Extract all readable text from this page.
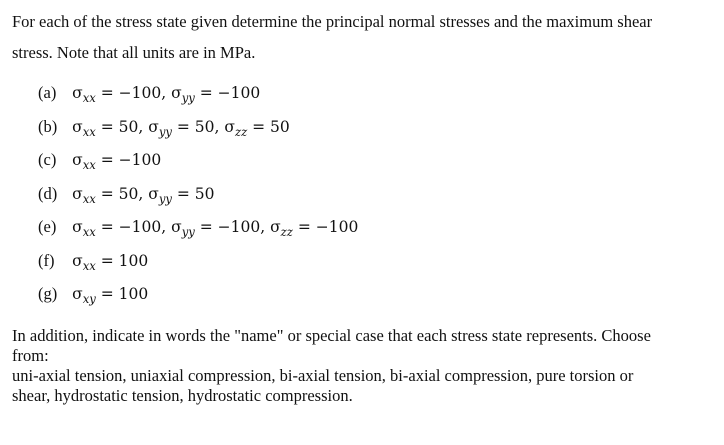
For each of the stress state given determine the principal normal stresses and the maximum shear
stress. Note that all units are in MPa.
(a) $\sigma_{xx} = -100$, $\sigma_{yy} = -100$
(b) $\sigma_{xx} = 50$, $\sigma_{yy} = 50$, $\sigma_{zz} = 50$
(c) $\sigma_{xx} = -100$
(d) $\sigma_{xx} = 50$, $\sigma_{yy} = 50$
(e) $\sigma_{xx} = -100$, $\sigma_{yy} = -100$, $\sigma_{zz} = -100$
(f) $\sigma_{xx} = 100$
(g) $\sigma_{xy} = 100$

In addition, indicate in words the "name" or special case that each stress state represents. Choose

from:

uni-axial tension, uniaxial compression, bi-axial tension, bi-axial compression, pure torsion or

shear, hydrostatic tension, hydrostatic compression.
